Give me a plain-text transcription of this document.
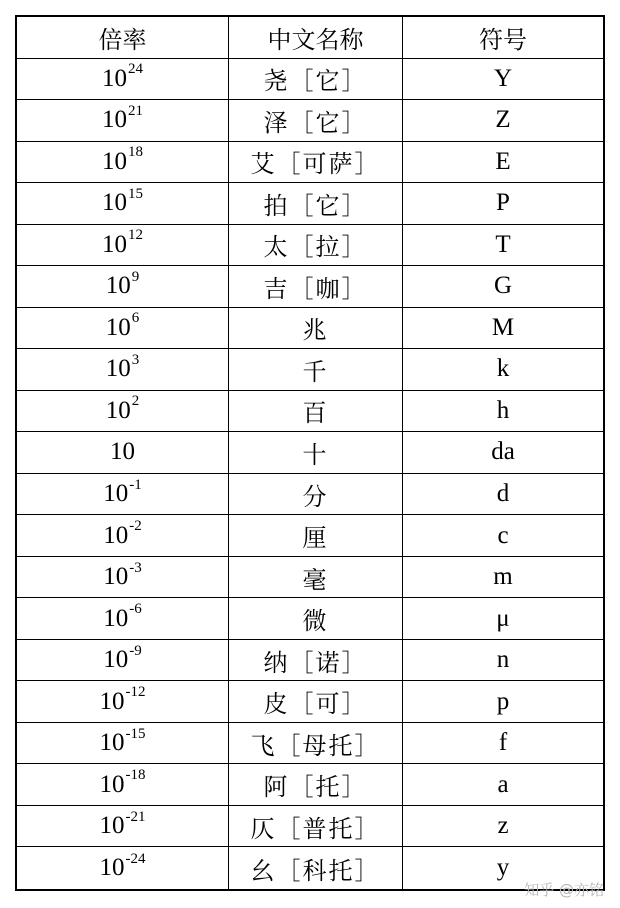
倍率	中文名称	符号
10 24	尧［它］	Y
10 21	泽［它］	Z
10 18	艾［可萨］	E
10 15	拍［它］	P
10 12	太［拉］	T
10 9	吉［咖］	G
10 6	兆	M
10 3	千	k
10 2	百	h
10	十	da
10 -1	分	d
10 -2	厘	c
10 -3	毫	m
10 -6	微	μ
10 -9	纳［诺］	n
10 -12	皮［可］	p
10 -15	飞［母托］	f
10 -18	阿［托］	a
10 -21	仄［普托］	z
10 -24	幺［科托］	y
知乎 @亦铭
